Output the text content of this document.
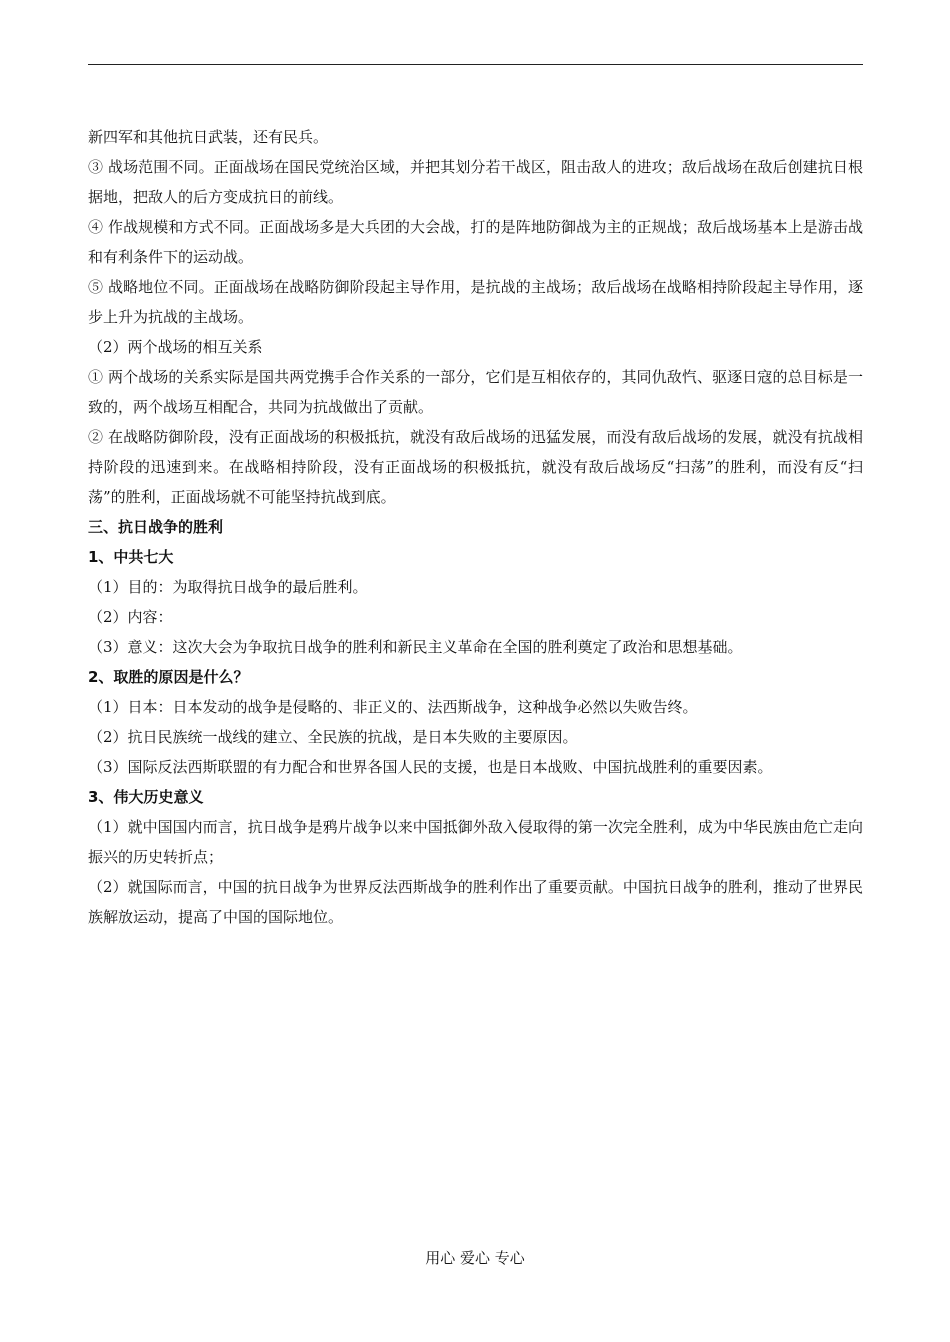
新四军和其他抗日武装，还有民兵。

③ 战场范围不同。正面战场在国民党统治区域，并把其划分若干战区，阻击敌人的进攻；敌后战场在敌后创建抗日根据地，把敌人的后方变成抗日的前线。

④ 作战规模和方式不同。正面战场多是大兵团的大会战，打的是阵地防御战为主的正规战；敌后战场基本上是游击战和有利条件下的运动战。

⑤ 战略地位不同。正面战场在战略防御阶段起主导作用，是抗战的主战场；敌后战场在战略相持阶段起主导作用，逐步上升为抗战的主战场。

（2）两个战场的相互关系

① 两个战场的关系实际是国共两党携手合作关系的一部分，它们是互相依存的，其同仇敌忾、驱逐日寇的总目标是一致的，两个战场互相配合，共同为抗战做出了贡献。

② 在战略防御阶段，没有正面战场的积极抵抗，就没有敌后战场的迅猛发展，而没有敌后战场的发展，就没有抗战相持阶段的迅速到来。在战略相持阶段，没有正面战场的积极抵抗，就没有敌后战场反“扫荡”的胜利，而没有反“扫荡”的胜利，正面战场就不可能坚持抗战到底。

三、抗日战争的胜利

1、中共七大

（1）目的：为取得抗日战争的最后胜利。

（2）内容：

（3）意义：这次大会为争取抗日战争的胜利和新民主义革命在全国的胜利奠定了政治和思想基础。

2、取胜的原因是什么？

（1）日本：日本发动的战争是侵略的、非正义的、法西斯战争，这种战争必然以失败告终。

（2）抗日民族统一战线的建立、全民族的抗战，是日本失败的主要原因。

（3）国际反法西斯联盟的有力配合和世界各国人民的支援，也是日本战败、中国抗战胜利的重要因素。

3、伟大历史意义

（1）就中国国内而言，抗日战争是鸦片战争以来中国抵御外敌入侵取得的第一次完全胜利，成为中华民族由危亡走向振兴的历史转折点；

（2）就国际而言，中国的抗日战争为世界反法西斯战争的胜利作出了重要贡献。中国抗日战争的胜利，推动了世界民族解放运动，提高了中国的国际地位。

用心 爱心 专心
